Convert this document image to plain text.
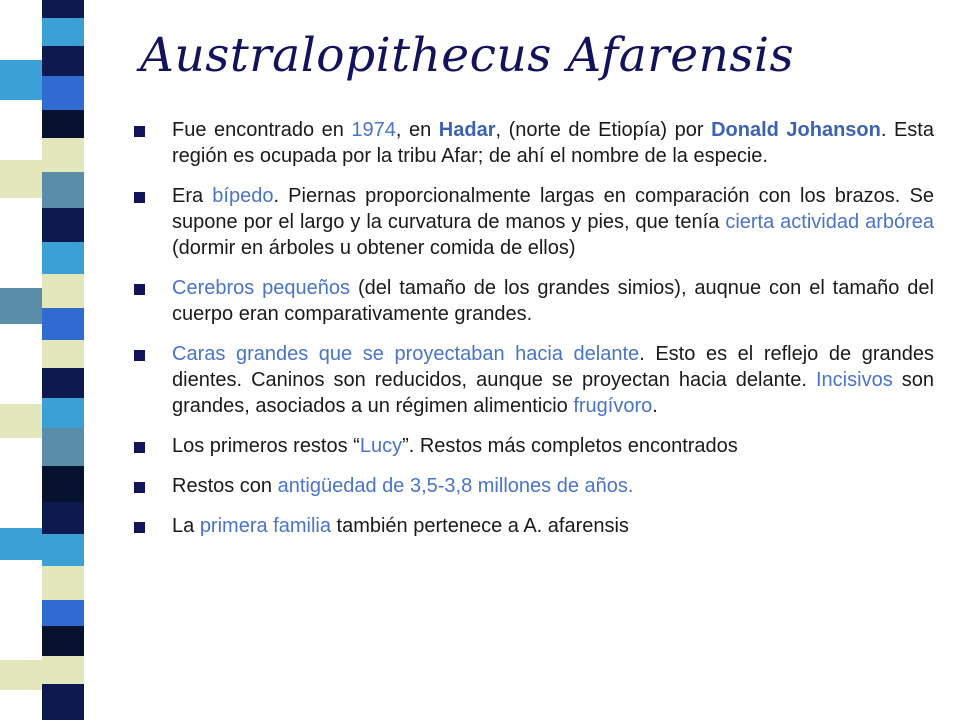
Australopithecus Afarensis
Fue encontrado en 1974, en Hadar, (norte de Etiopía) por Donald Johanson. Esta región es ocupada por la tribu Afar; de ahí el nombre de la especie.
Era bípedo. Piernas proporcionalmente largas en comparación con los brazos. Se supone por el largo y la curvatura de manos y pies, que tenía cierta actividad arbórea (dormir en árboles u obtener comida de ellos)
Cerebros pequeños (del tamaño de los grandes simios), auqnue con el tamaño del cuerpo eran comparativamente grandes.
Caras grandes que se proyectaban hacia delante. Esto es el reflejo de grandes dientes. Caninos son reducidos, aunque se proyectan hacia delante. Incisivos son grandes, asociados a un régimen alimenticio frugívoro.
Los primeros restos “Lucy”. Restos más completos encontrados
Restos con antigüedad de 3,5-3,8 millones de años.
La primera familia también pertenece a A. afarensis
